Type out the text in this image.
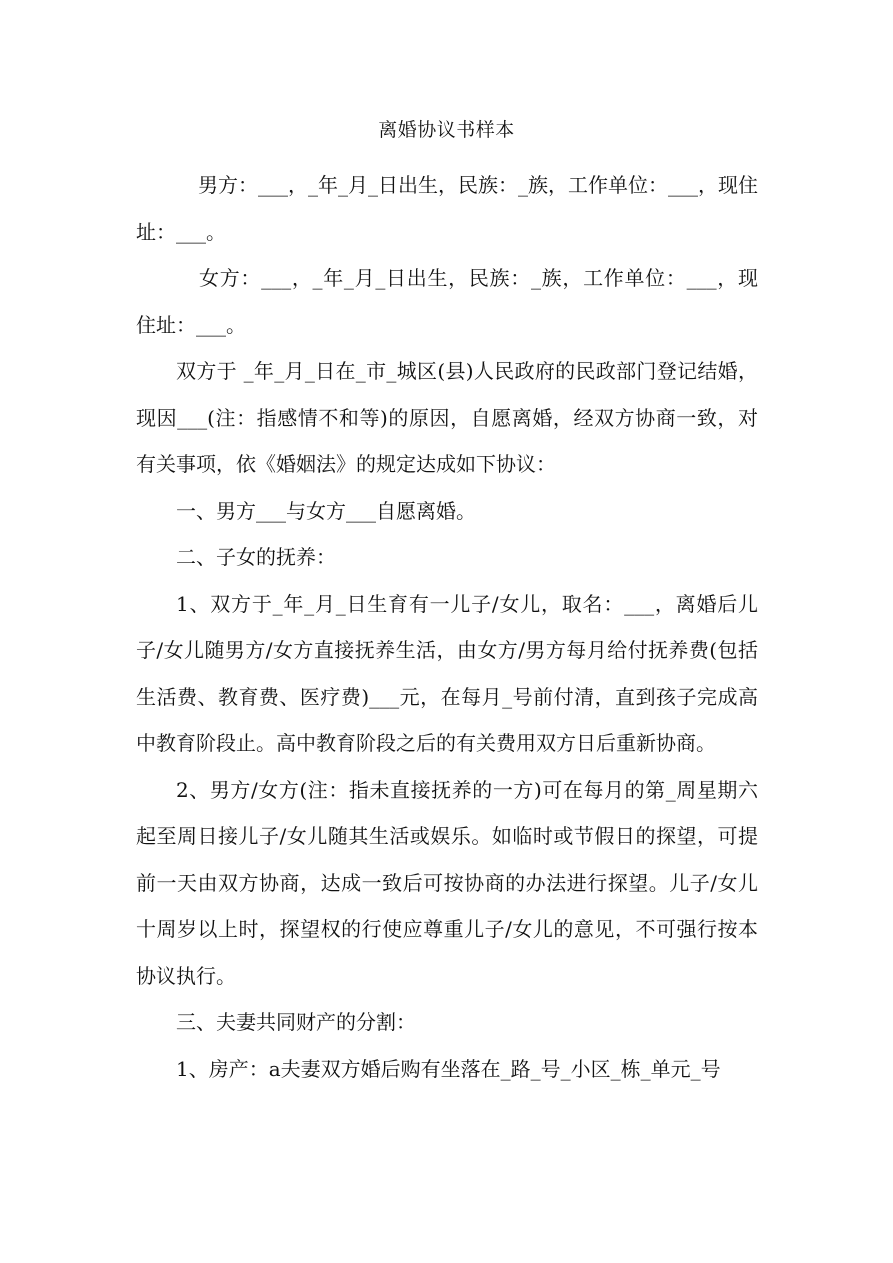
离婚协议书样本

男方：___，_年_月_日出生，民族：_族，工作单位：___，现住址：___。

女方：___，_年_月_日出生，民族：_族，工作单位：___，现住址：___。

双方于 _年_月_日在_市_城区(县)人民政府的民政部门登记结婚，现因___(注：指感情不和等)的原因，自愿离婚，经双方协商一致，对有关事项，依《婚姻法》的规定达成如下协议：

一、男方___与女方___自愿离婚。

二、子女的抚养：

1、双方于_年_月_日生育有一儿子/女儿，取名：___，离婚后儿子/女儿随男方/女方直接抚养生活，由女方/男方每月给付抚养费(包括生活费、教育费、医疗费)___元，在每月_号前付清，直到孩子完成高中教育阶段止。高中教育阶段之后的有关费用双方日后重新协商。

2、男方/女方(注：指未直接抚养的一方)可在每月的第_周星期六起至周日接儿子/女儿随其生活或娱乐。如临时或节假日的探望，可提前一天由双方协商，达成一致后可按协商的办法进行探望。儿子/女儿十周岁以上时，探望权的行使应尊重儿子/女儿的意见，不可强行按本协议执行。

三、夫妻共同财产的分割：

1、房产：a夫妻双方婚后购有坐落在_路_号_小区_栋_单元_号
